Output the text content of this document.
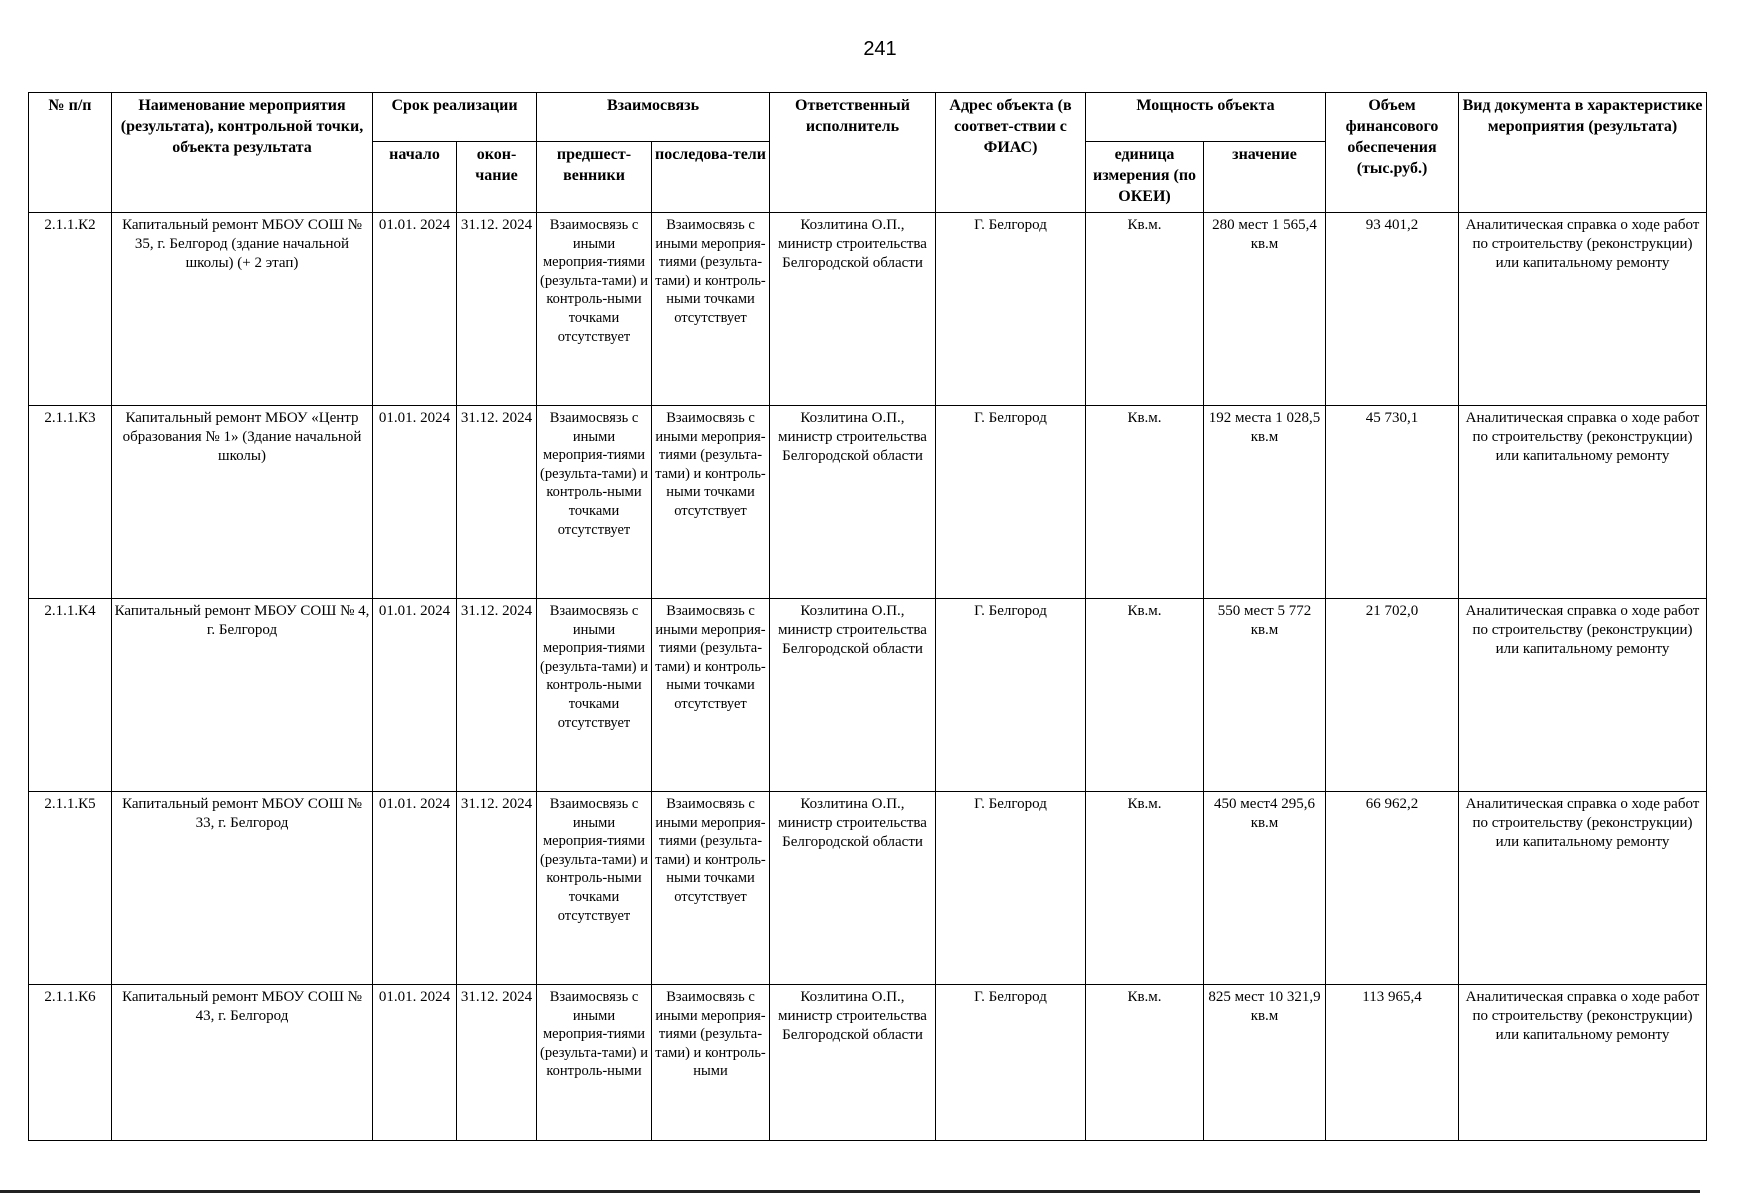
241
№ п/п	Наименование мероприятия (результата), контрольной точки, объекта результата	Срок реализации		Взаимосвязь		Ответственный исполнитель	Адрес объекта (в соответ-ствии с ФИАС)	Мощность объекта		Объем финансового обеспечения (тыс.руб.)	Вид документа в характеристике мероприятия (результата)
		начало	окон-чание	предшест-венники	последова-тели			единица измерения (по ОКЕИ)	значение		
2.1.1.К2	Капитальный ремонт МБОУ СОШ № 35, г. Белгород (здание начальной школы) (+ 2 этап)	01.01. 2024	31.12. 2024	Взаимосвязь с иными мероприя-тиями (результа-тами) и контроль-ными точками отсутствует	Взаимосвязь с иными мероприя-тиями (результа-тами) и контроль-ными точками отсутствует	Козлитина О.П., министр строительства Белгородской области	Г. Белгород	Кв.м.	280 мест 1 565,4 кв.м	93 401,2	Аналитическая справка о ходе работ по строительству (реконструкции) или капитальному ремонту
2.1.1.К3	Капитальный ремонт МБОУ «Центр образования № 1» (Здание начальной школы)	01.01. 2024	31.12. 2024	Взаимосвязь с иными мероприя-тиями (результа-тами) и контроль-ными точками отсутствует	Взаимосвязь с иными мероприя-тиями (результа-тами) и контроль-ными точками отсутствует	Козлитина О.П., министр строительства Белгородской области	Г. Белгород	Кв.м.	192 места 1 028,5 кв.м	45 730,1	Аналитическая справка о ходе работ по строительству (реконструкции) или капитальному ремонту
2.1.1.К4	Капитальный ремонт МБОУ СОШ № 4, г. Белгород	01.01. 2024	31.12. 2024	Взаимосвязь с иными мероприя-тиями (результа-тами) и контроль-ными точками отсутствует	Взаимосвязь с иными мероприя-тиями (результа-тами) и контроль-ными точками отсутствует	Козлитина О.П., министр строительства Белгородской области	Г. Белгород	Кв.м.	550 мест 5 772 кв.м	21 702,0	Аналитическая справка о ходе работ по строительству (реконструкции) или капитальному ремонту
2.1.1.К5	Капитальный ремонт МБОУ СОШ № 33, г. Белгород	01.01. 2024	31.12. 2024	Взаимосвязь с иными мероприя-тиями (результа-тами) и контроль-ными точками отсутствует	Взаимосвязь с иными мероприя-тиями (результа-тами) и контроль-ными точками отсутствует	Козлитина О.П., министр строительства Белгородской области	Г. Белгород	Кв.м.	450 мест4 295,6 кв.м	66 962,2	Аналитическая справка о ходе работ по строительству (реконструкции) или капитальному ремонту
2.1.1.К6	Капитальный ремонт МБОУ СОШ № 43, г. Белгород	01.01. 2024	31.12. 2024	Взаимосвязь с иными мероприя-тиями (результа-тами) и контроль-ными	Взаимосвязь с иными мероприя-тиями (результа-тами) и контроль-ными	Козлитина О.П., министр строительства Белгородской области	Г. Белгород	Кв.м.	825 мест 10 321,9 кв.м	113 965,4	Аналитическая справка о ходе работ по строительству (реконструкции) или капитальному ремонту
